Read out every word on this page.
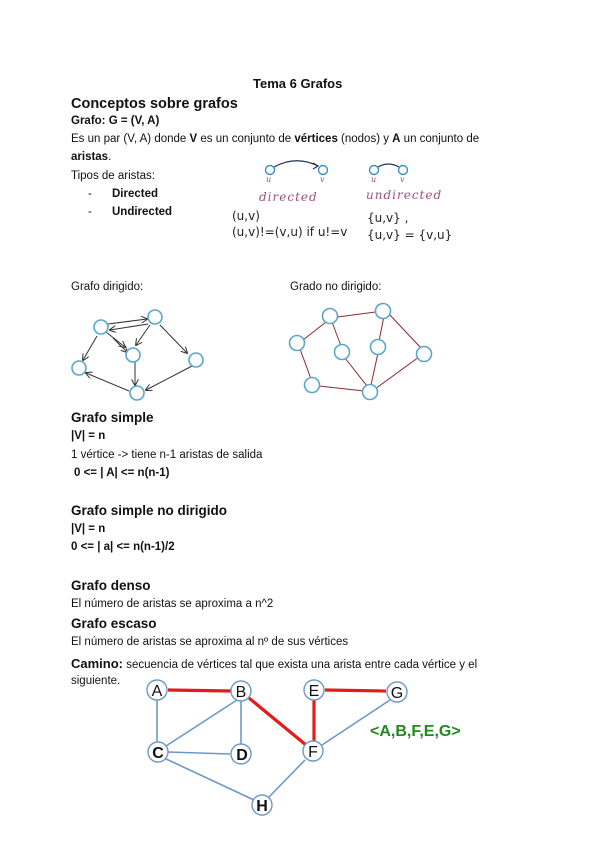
Tema 6 Grafos
Conceptos sobre grafos
Grafo: G = (V, A)
Es un par (V, A) donde V es un conjunto de vértices (nodos) y A un conjunto de
aristas.
Tipos de aristas:
- Directed
- Undirected
u	v	u	v
directed	undirected
(u,v)
(u,v)!=(v,u) if u!=v
{u,v} ,
{u,v} = {v,u}
Grafo dirigido:	Grado no dirigido:
Grafo simple
|V| = n
1 vértice -> tiene n-1 aristas de salida
0 <= | A| <= n(n-1)
Grafo simple no dirigido
|V| = n
0 <= | a| <= n(n-1)/2
Grafo denso
El número de aristas se aproxima a n^2
Grafo escaso
El número de aristas se aproxima al nº de sus vértices
Camino: secuencia de vértices tal que exista una arista entre cada vértice y el
siguiente.
A	B
C	D
E
F
G
H
<A,B,F,E,G>
